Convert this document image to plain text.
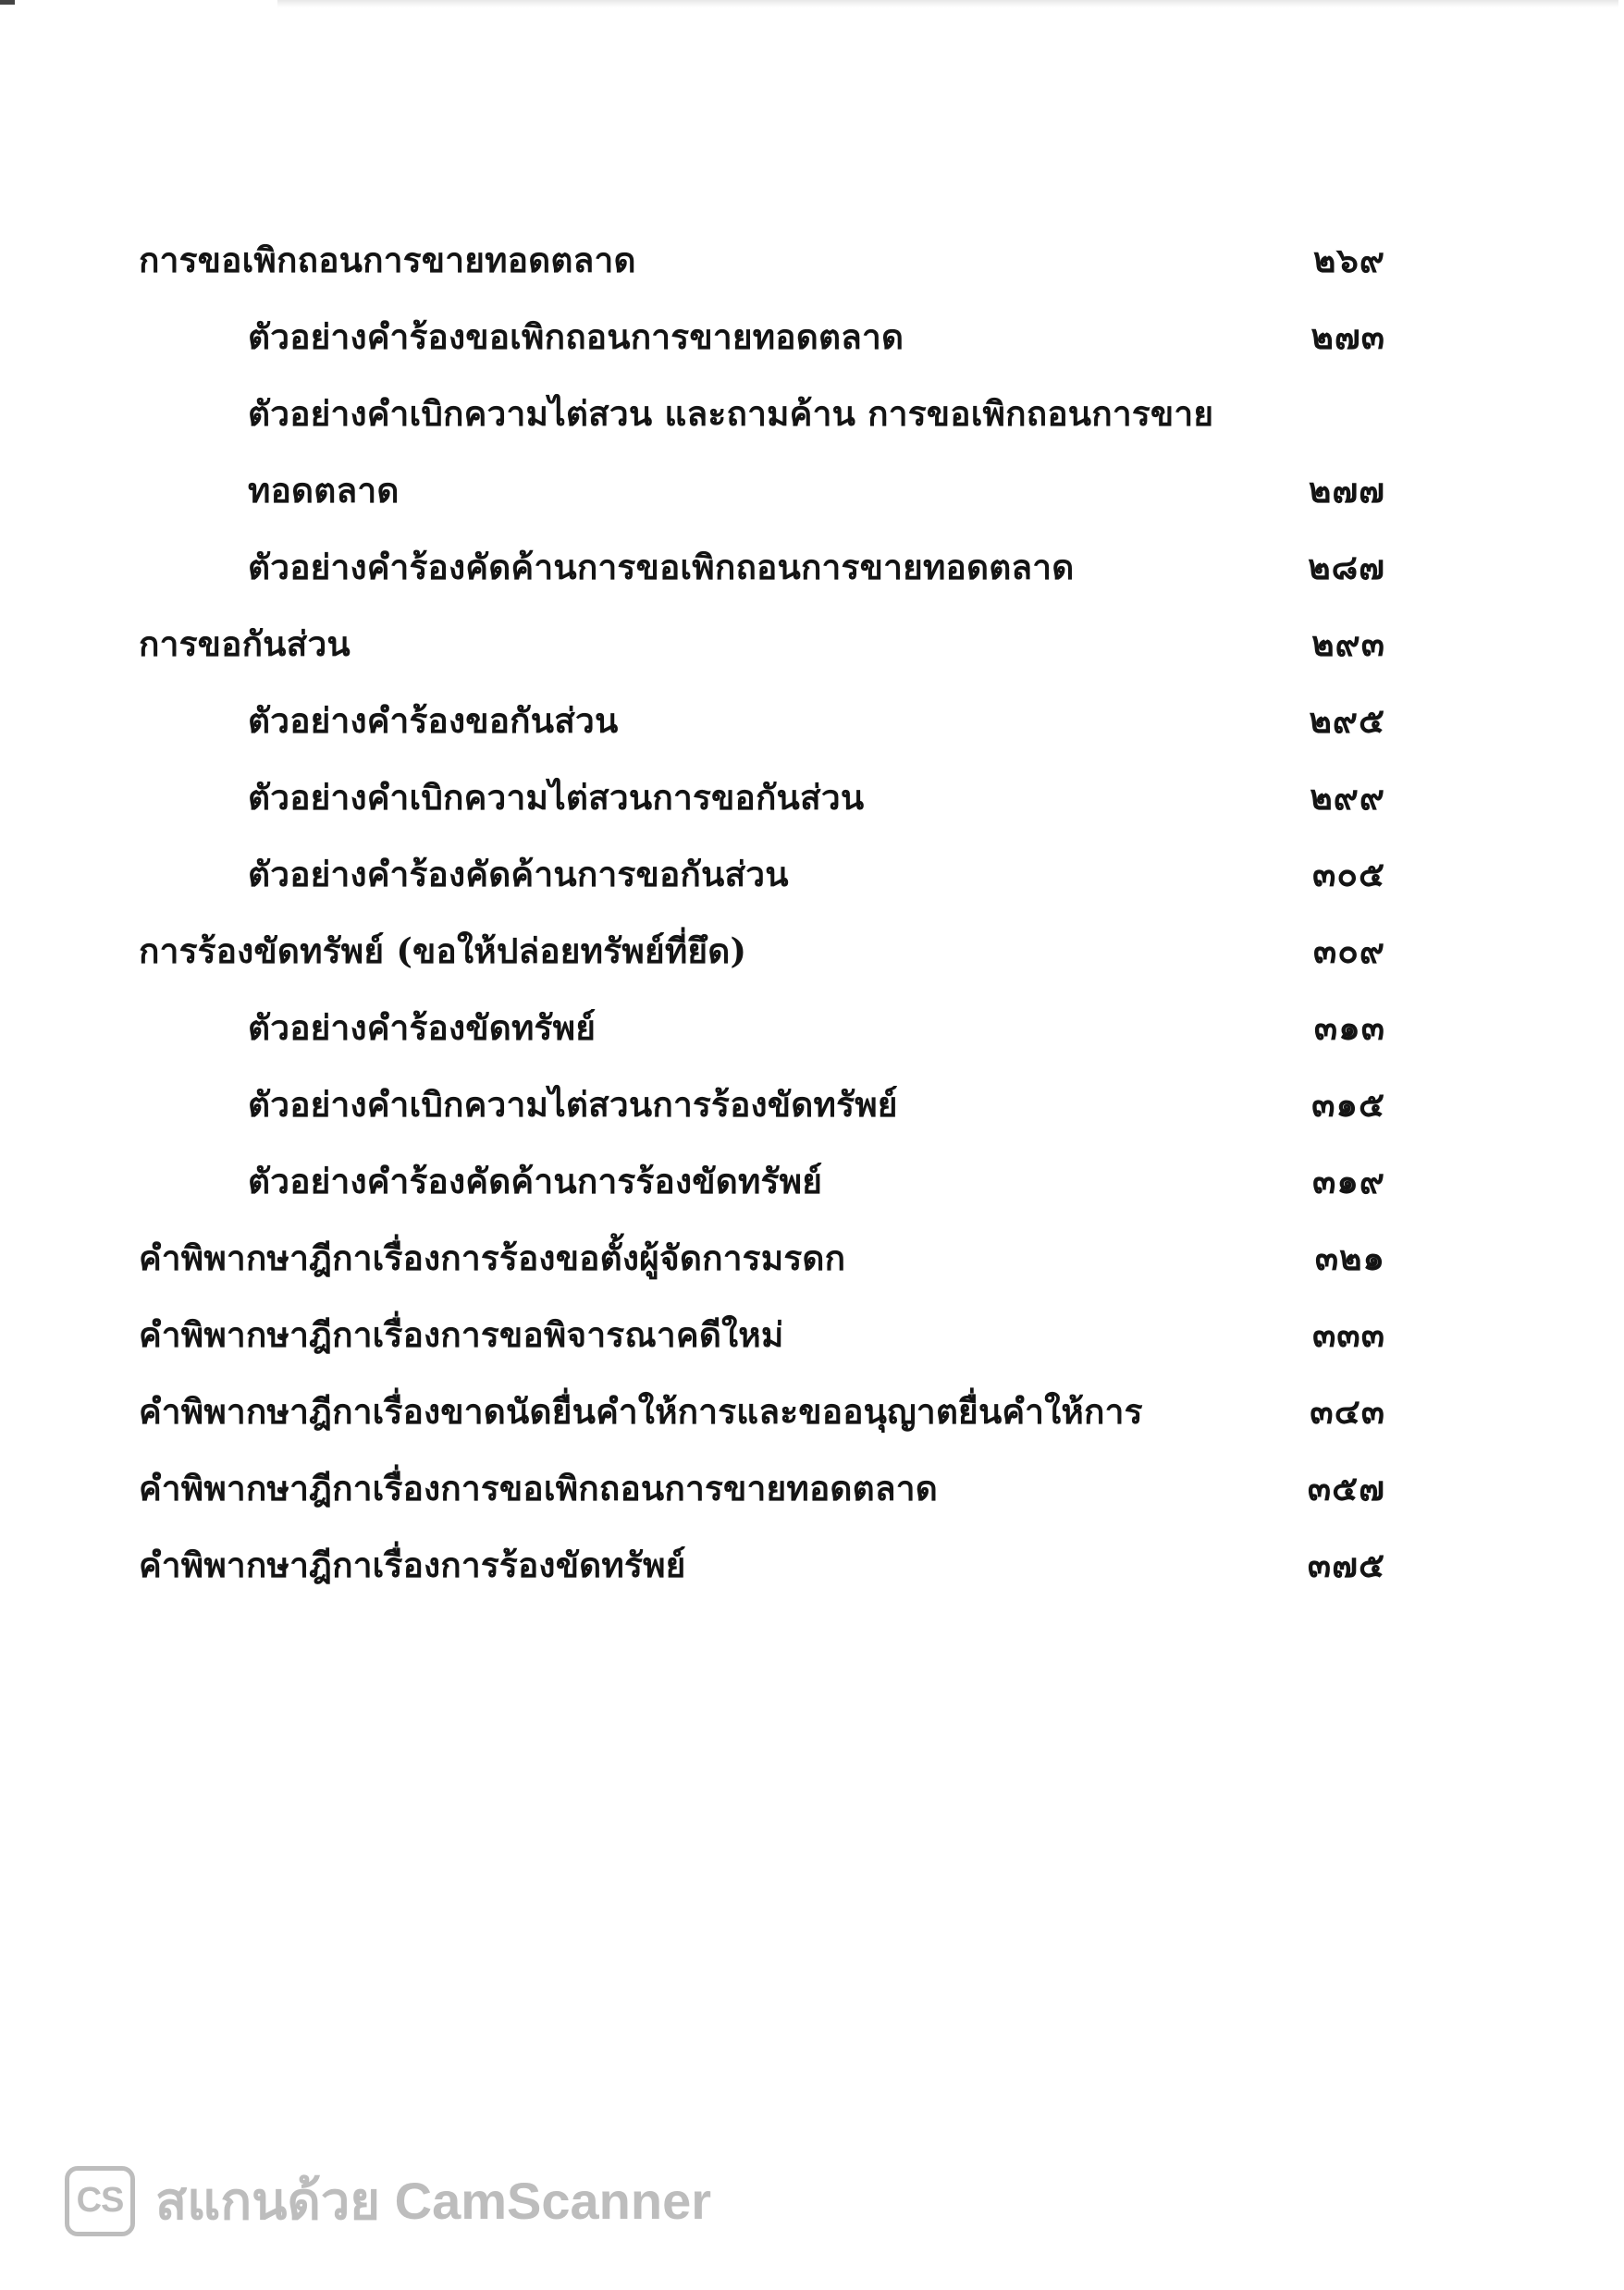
การขอเพิกถอนการขายทอดตลาด	๒๖๙
ตัวอย่างคำร้องขอเพิกถอนการขายทอดตลาด	๒๗๓
ตัวอย่างคำเบิกความไต่สวน และถามค้าน การขอเพิกถอนการขาย
ทอดตลาด	๒๗๗
ตัวอย่างคำร้องคัดค้านการขอเพิกถอนการขายทอดตลาด	๒๘๗
การขอกันส่วน	๒๙๓
ตัวอย่างคำร้องขอกันส่วน	๒๙๕
ตัวอย่างคำเบิกความไต่สวนการขอกันส่วน	๒๙๙
ตัวอย่างคำร้องคัดค้านการขอกันส่วน	๓๐๕
การร้องขัดทรัพย์ (ขอให้ปล่อยทรัพย์ที่ยึด)	๓๐๙
ตัวอย่างคำร้องขัดทรัพย์	๓๑๓
ตัวอย่างคำเบิกความไต่สวนการร้องขัดทรัพย์	๓๑๕
ตัวอย่างคำร้องคัดค้านการร้องขัดทรัพย์	๓๑๙
คำพิพากษาฎีกาเรื่องการร้องขอตั้งผู้จัดการมรดก	๓๒๑
คำพิพากษาฎีกาเรื่องการขอพิจารณาคดีใหม่	๓๓๓
คำพิพากษาฎีกาเรื่องขาดนัดยื่นคำให้การและขออนุญาตยื่นคำให้การ	๓๔๓
คำพิพากษาฎีกาเรื่องการขอเพิกถอนการขายทอดตลาด	๓๕๗
คำพิพากษาฎีกาเรื่องการร้องขัดทรัพย์	๓๗๕
CS สแกนด้วย CamScanner
